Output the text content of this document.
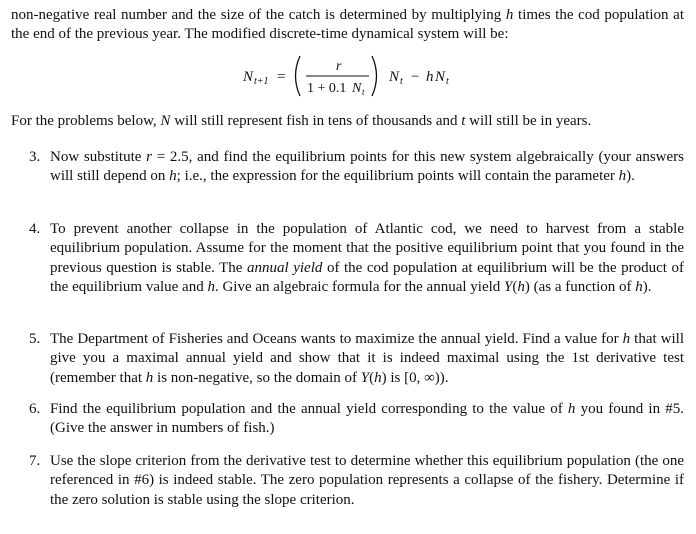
non-negative real number and the size of the catch is determined by multiplying h times the cod population at the end of the previous year. The modified discrete-time dynamical system will be:

N t+1 =
r
1 + 0.1 N t
N t − h N t

For the problems below, N will still represent fish in tens of thousands and t will still be in years.

3. Now substitute r = 2.5, and find the equilibrium points for this new system algebraically (your answers will still depend on h; i.e., the expression for the equilibrium points will contain the parameter h).

4. To prevent another collapse in the population of Atlantic cod, we need to harvest from a stable equilibrium population. Assume for the moment that the positive equilibrium point that you found in the previous question is stable. The annual yield of the cod population at equilibrium will be the product of the equilibrium value and h. Give an algebraic formula for the annual yield Y(h) (as a function of h).

5. The Department of Fisheries and Oceans wants to maximize the annual yield. Find a value for h that will give you a maximal annual yield and show that it is indeed maximal using the 1st derivative test (remember that h is non-negative, so the domain of Y(h) is [0, ∞)).

6. Find the equilibrium population and the annual yield corresponding to the value of h you found in #5. (Give the answer in numbers of fish.)

7. Use the slope criterion from the derivative test to determine whether this equilibrium population (the one referenced in #6) is indeed stable. The zero population represents a collapse of the fishery. Determine if the zero solution is stable using the slope criterion.
